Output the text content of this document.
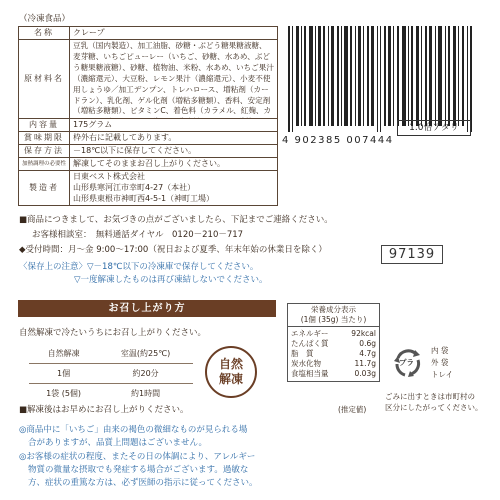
（冷凍食品）
名称	クレープ
原材料名
豆乳（国内製造）、加工油脂、砂糖・ぶどう糖果糖液糖、麦芽糖、いちごピューレー（いちご、砂糖、水あめ、ぶどう糖果糖液糖）、砂糖、植物油、米粉、水あめ、いちご果汁（濃縮還元）、大豆粉、レモン果汁（濃縮還元）、小麦不使用しょうゆ／加工デンプン、トレハロース、増粘剤（カードラン）、乳化剤、ゲル化剤（増粘多糖類）、香料、安定剤（増粘多糖類）、ビタミンC、着色料（カラメル、紅麹、カ
内容量	175グラム
賞味期限	枠外右に記載してあります。
保存方法	－18℃以下に保存してください。
加熱調理の必要性 解凍してそのままお召し上がりください。
製造者
日東ベスト株式会社
山形県寒河江市幸町4-27（本社）
山形県東根市神町西4-5-1（神町工場）
1.0倍アタリ
4 902385 007444
■商品につきまして、お気づきの点がございましたら、下記までご連絡ください。
お客様相談室：　無料通話ダイヤル　0120－210－717
◆受付時間：月～金 9:00～17:00（祝日および夏季、年末年始の休業日を除く）
〈保存上の注意〉▽－18℃以下の冷凍庫で保存してください。
▽一度解凍したものは再び凍結しないでください。
97139
お召し上がり方
自然解凍で冷たいうちにお召し上がりください。
自然解凍	室温(約25℃)
1個	約20分
1袋 (5個)	約1時間
自然
解凍
■解凍後はお早めにお召し上がりください。
栄養成分表示
(1個 (35g) 当たり)
エネルギー	92kcal
たんぱく質	0.6g
脂　質	4.7g
炭水化物	11.7g
食塩相当量	0.03g
(推定値)
プラ
内 袋
外 袋
トレイ
ごみに出すときは市町村の
区分にしたがってください。
◎商品中に「いちご」由来の褐色の微細なものが見られる場
合がありますが、品質上問題はございません。
◎お客様の症状の程度、またその日の体調により、アレルギー
物質の微量な摂取でも発症する場合がございます。過敏な
方、症状の重篤な方は、必ず医師の指示に従ってください。
